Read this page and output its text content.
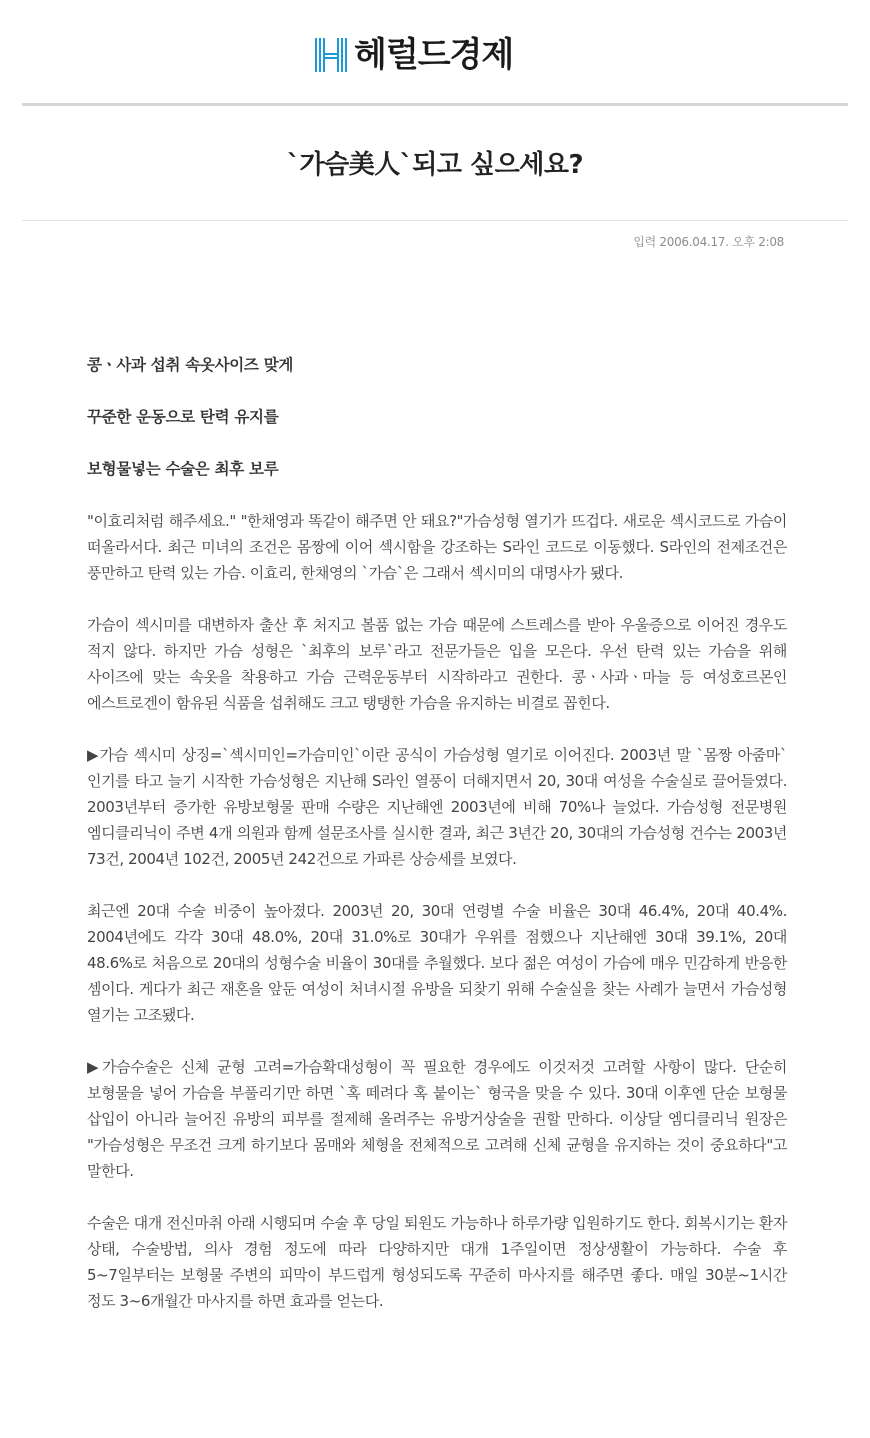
헤럴드경제
`가슴美人`되고 싶으세요?
입력 2006.04.17. 오후 2:08

콩ㆍ사과 섭취 속옷사이즈 맞게

꾸준한 운동으로 탄력 유지를

보형물넣는 수술은 최후 보루

"이효리처럼 해주세요." "한채영과 똑같이 해주면 안 돼요?"가슴성형 열기가 뜨겁다. 새로운 섹시코드로 가슴이 떠올라서다. 최근 미녀의 조건은 몸짱에 이어 섹시함을 강조하는 S라인 코드로 이동했다. S라인의 전제조건은 풍만하고 탄력 있는 가슴. 이효리, 한채영의 `가슴`은 그래서 섹시미의 대명사가 됐다.

가슴이 섹시미를 대변하자 출산 후 처지고 볼품 없는 가슴 때문에 스트레스를 받아 우울증으로 이어진 경우도 적지 않다. 하지만 가슴 성형은 `최후의 보루`라고 전문가들은 입을 모은다. 우선 탄력 있는 가슴을 위해 사이즈에 맞는 속옷을 착용하고 가슴 근력운동부터 시작하라고 권한다. 콩ㆍ사과ㆍ마늘 등 여성호르몬인 에스트로겐이 함유된 식품을 섭취해도 크고 탱탱한 가슴을 유지하는 비결로 꼽힌다.

▶가슴 섹시미 상징=`섹시미인=가슴미인`이란 공식이 가슴성형 열기로 이어진다. 2003년 말 `몸짱 아줌마` 인기를 타고 늘기 시작한 가슴성형은 지난해 S라인 열풍이 더해지면서 20, 30대 여성을 수술실로 끌어들였다. 2003년부터 증가한 유방보형물 판매 수량은 지난해엔 2003년에 비해 70%나 늘었다. 가슴성형 전문병원 엠디클리닉이 주변 4개 의원과 함께 설문조사를 실시한 결과, 최근 3년간 20, 30대의 가슴성형 건수는 2003년 73건, 2004년 102건, 2005년 242건으로 가파른 상승세를 보였다.

최근엔 20대 수술 비중이 높아졌다. 2003년 20, 30대 연령별 수술 비율은 30대 46.4%, 20대 40.4%. 2004년에도 각각 30대 48.0%, 20대 31.0%로 30대가 우위를 점했으나 지난해엔 30대 39.1%, 20대 48.6%로 처음으로 20대의 성형수술 비율이 30대를 추월했다. 보다 젊은 여성이 가슴에 매우 민감하게 반응한 셈이다. 게다가 최근 재혼을 앞둔 여성이 처녀시절 유방을 되찾기 위해 수술실을 찾는 사례가 늘면서 가슴성형 열기는 고조됐다.

▶가슴수술은 신체 균형 고려=가슴확대성형이 꼭 필요한 경우에도 이것저것 고려할 사항이 많다. 단순히 보형물을 넣어 가슴을 부풀리기만 하면 `혹 떼려다 혹 붙이는` 형국을 맞을 수 있다. 30대 이후엔 단순 보형물 삽입이 아니라 늘어진 유방의 피부를 절제해 올려주는 유방거상술을 권할 만하다. 이상달 엠디클리닉 원장은 "가슴성형은 무조건 크게 하기보다 몸매와 체형을 전체적으로 고려해 신체 균형을 유지하는 것이 중요하다"고 말한다.

수술은 대개 전신마취 아래 시행되며 수술 후 당일 퇴원도 가능하나 하루가량 입원하기도 한다. 회복시기는 환자 상태, 수술방법, 의사 경험 정도에 따라 다양하지만 대개 1주일이면 정상생활이 가능하다. 수술 후 5~7일부터는 보형물 주변의 피막이 부드럽게 형성되도록 꾸준히 마사지를 해주면 좋다. 매일 30분~1시간 정도 3~6개월간 마사지를 하면 효과를 얻는다.
